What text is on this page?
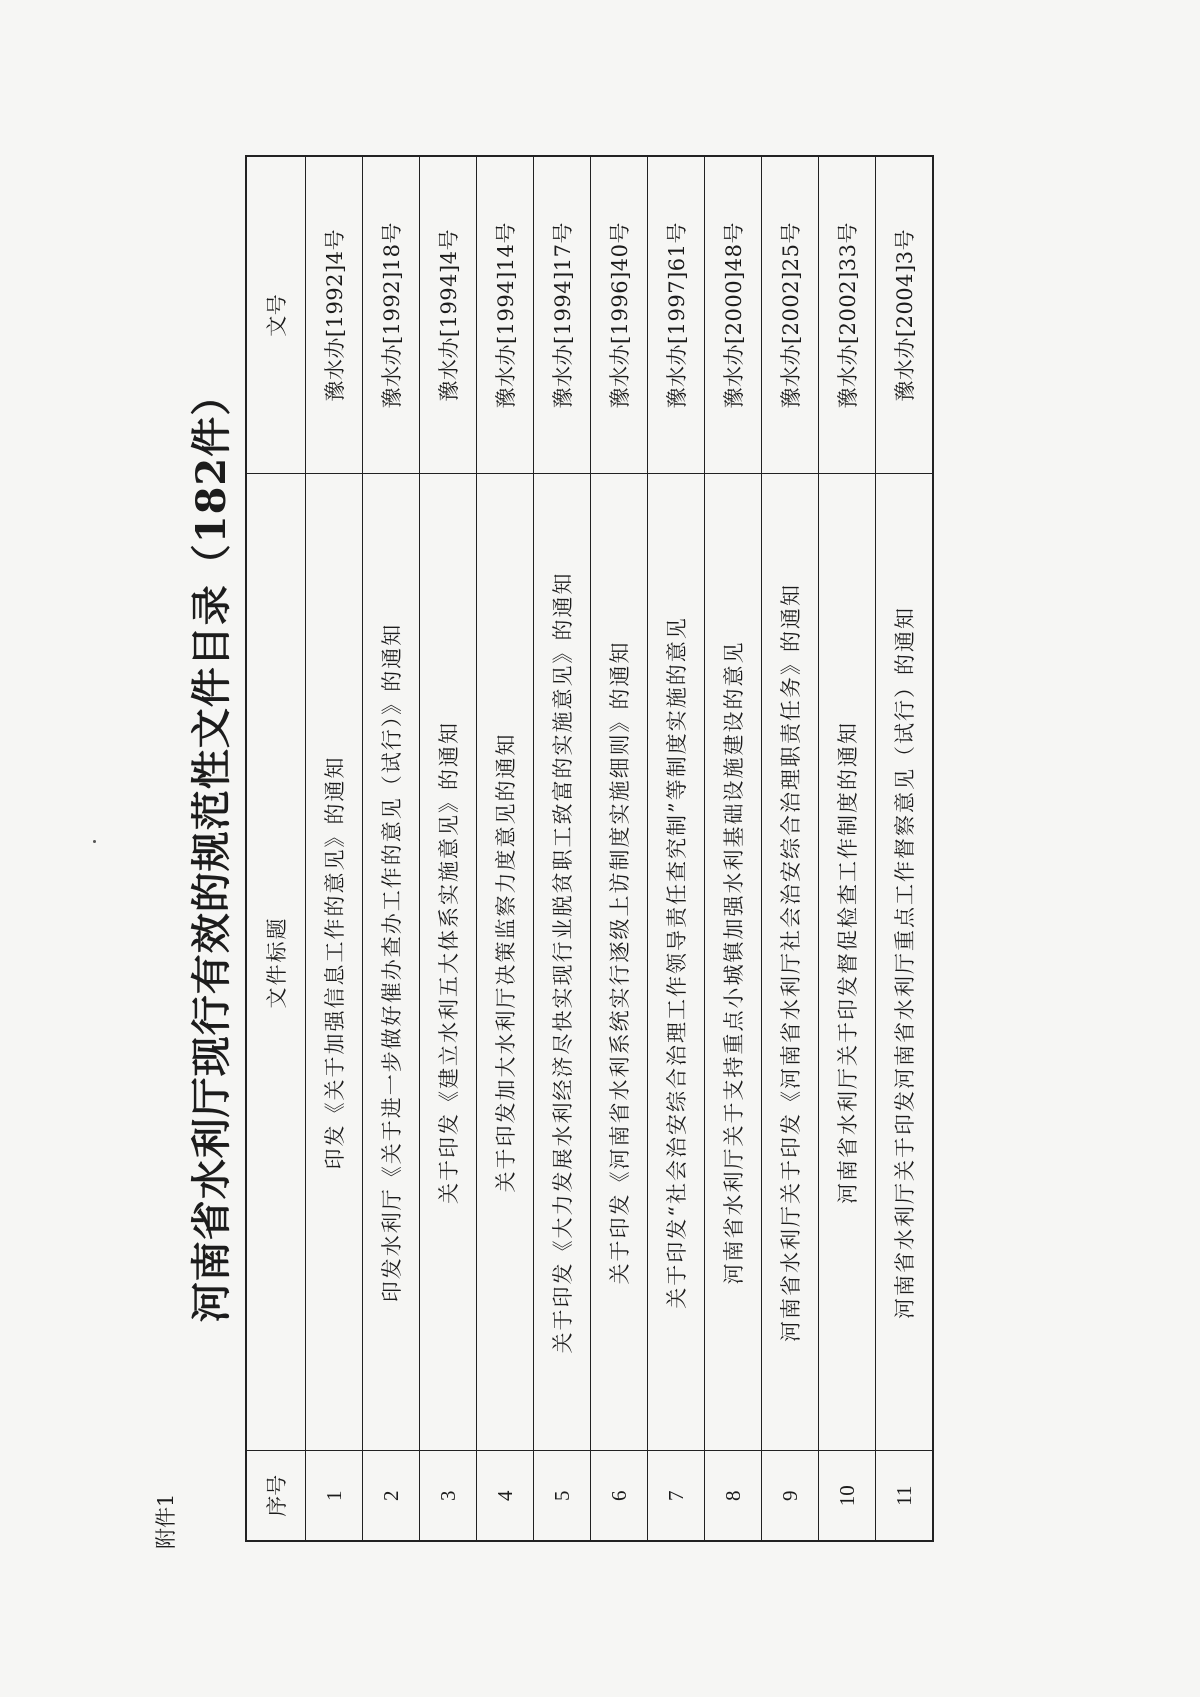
附件1
河南省水利厅现行有效的规范性文件目录（182件）
序号	文件标题	文号
1	印发《关于加强信息工作的意见》的通知	豫水办[1992]4号
2	印发水利厅《关于进一步做好催办查办工作的意见（试行）》的通知	豫水办[1992]18号
3	关于印发《建立水利五大体系实施意见》的通知	豫水办[1994]4号
4	关于印发加大水利厅决策监察力度意见的通知	豫水办[1994]14号
5	关于印发《大力发展水利经济尽快实现行业脱贫职工致富的实施意见》的通知	豫水办[1994]17号
6	关于印发《河南省水利系统实行逐级上访制度实施细则》的通知	豫水办[1996]40号
7	关于印发“社会治安综合治理工作领导责任查究制”等制度实施的意见	豫水办[1997]61号
8	河南省水利厅关于支持重点小城镇加强水利基础设施建设的意见	豫水办[2000]48号
9	河南省水利厅关于印发《河南省水利厅社会治安综合治理职责任务》的通知	豫水办[2002]25号
10	河南省水利厅关于印发督促检查工作制度的通知	豫水办[2002]33号
11	河南省水利厅关于印发河南省水利厅重点工作督察意见（试行）的通知	豫水办[2004]3号
